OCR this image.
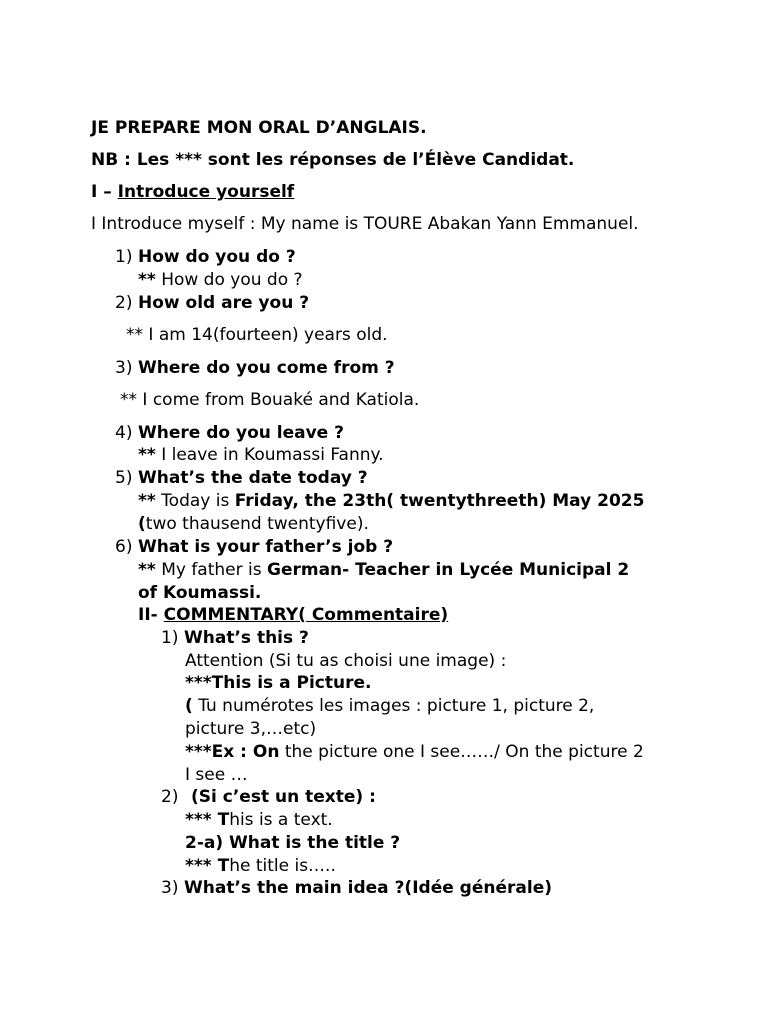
JE PREPARE MON ORAL D’ANGLAIS.
NB : Les *** sont les réponses de l’Élève Candidat.
I – Introduce yourself
I Introduce myself : My name is TOURE Abakan Yann Emmanuel.
1) How do you do ?
** How do you do ?
2) How old are you ?
** I am 14(fourteen) years old.
3) Where do you come from ?
** I come from Bouaké and Katiola.
4) Where do you leave ?
** I leave in Koumassi Fanny.
5) What’s the date today ?
** Today is Friday, the 23th( twentythreeth) May 2025
(two thausend twentyfive).
6) What is your father’s job ?
** My father is German- Teacher in Lycée Municipal 2
of Koumassi.
II- COMMENTARY( Commentaire)
1) What’s this ?
Attention (Si tu as choisi une image) :
***This is a Picture.
( Tu numérotes les images : picture 1, picture 2,
picture 3,…etc)
***Ex : On the picture one I see……/ On the picture 2
I see …
2) (Si c’est un texte) :
*** This is a text.
2-a) What is the title ?
*** The title is…..
3) What’s the main idea ?(Idée générale)
